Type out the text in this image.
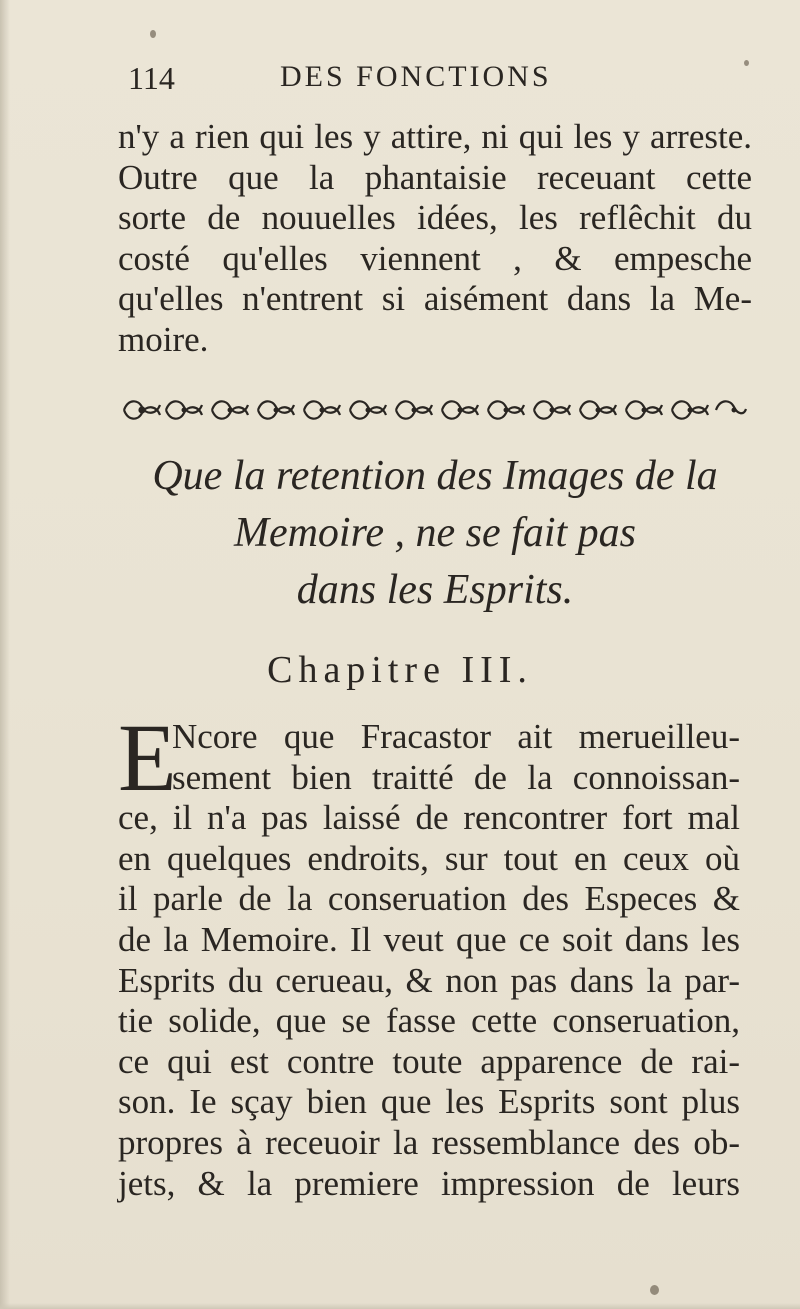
114	DES FONCTIONS
n'y a rien qui les y attire, ni qui les y arreste.
Outre que la phantaisie receuant cette
sorte de nouuelles idées, les reflêchit du
costé qu'elles viennent , & empesche
qu'elles n'entrent si aisément dans la Me-
moire.
Que la retention des Images de la
Memoire , ne se fait pas
dans les Esprits.
Chapitre III.
E
Ncore que Fracastor ait merueilleu-
sement bien traitté de la connoissan-
ce, il n'a pas laissé de rencontrer fort mal
en quelques endroits, sur tout en ceux où
il parle de la conseruation des Especes &
de la Memoire. Il veut que ce soit dans les
Esprits du cerueau, & non pas dans la par-
tie solide, que se fasse cette conseruation,
ce qui est contre toute apparence de rai-
son. Ie sçay bien que les Esprits sont plus
propres à receuoir la ressemblance des ob-
jets, & la premiere impression de leurs
